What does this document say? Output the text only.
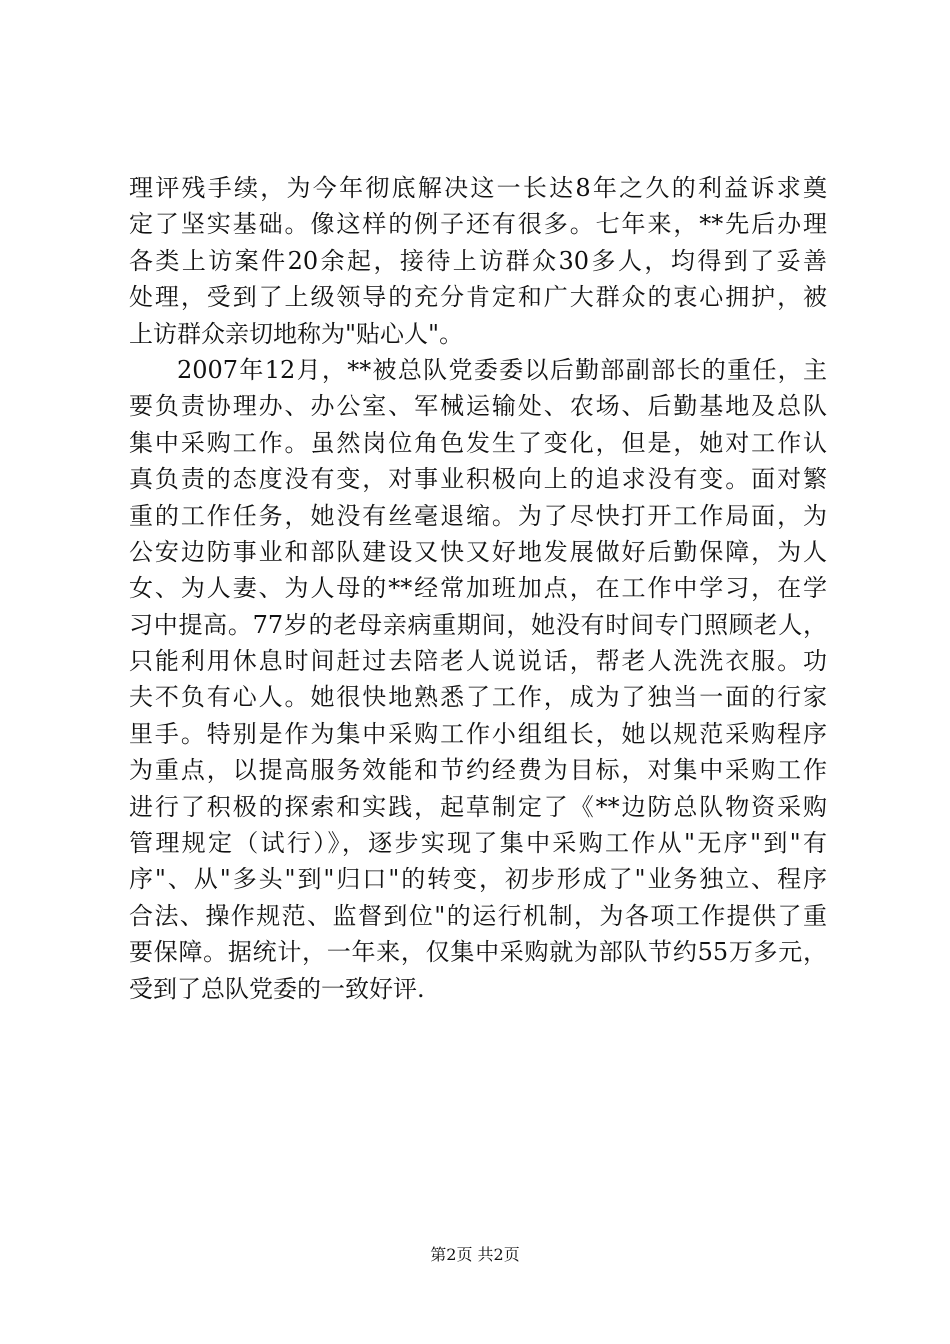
理评残手续，为今年彻底解决这一长达8年之久的利益诉求奠
定了坚实基础。像这样的例子还有很多。七年来，**先后办理
各类上访案件20余起，接待上访群众30多人，均得到了妥善
处理，受到了上级领导的充分肯定和广大群众的衷心拥护，被
上访群众亲切地称为"贴心人"。
2007年12月，**被总队党委委以后勤部副部长的重任，主
要负责协理办、办公室、军械运输处、农场、后勤基地及总队
集中采购工作。虽然岗位角色发生了变化，但是，她对工作认
真负责的态度没有变，对事业积极向上的追求没有变。面对繁
重的工作任务，她没有丝毫退缩。为了尽快打开工作局面，为
公安边防事业和部队建设又快又好地发展做好后勤保障，为人
女、为人妻、为人母的**经常加班加点，在工作中学习，在学
习中提高。77岁的老母亲病重期间，她没有时间专门照顾老人，
只能利用休息时间赶过去陪老人说说话，帮老人洗洗衣服。功
夫不负有心人。她很快地熟悉了工作，成为了独当一面的行家
里手。特别是作为集中采购工作小组组长，她以规范采购程序
为重点，以提高服务效能和节约经费为目标，对集中采购工作
进行了积极的探索和实践，起草制定了《**边防总队物资采购
管理规定（试行）》，逐步实现了集中采购工作从"无序"到"有
序"、从"多头"到"归口"的转变，初步形成了"业务独立、程序
合法、操作规范、监督到位"的运行机制，为各项工作提供了重
要保障。据统计，一年来，仅集中采购就为部队节约55万多元，
受到了总队党委的一致好评.
第2页 共2页
